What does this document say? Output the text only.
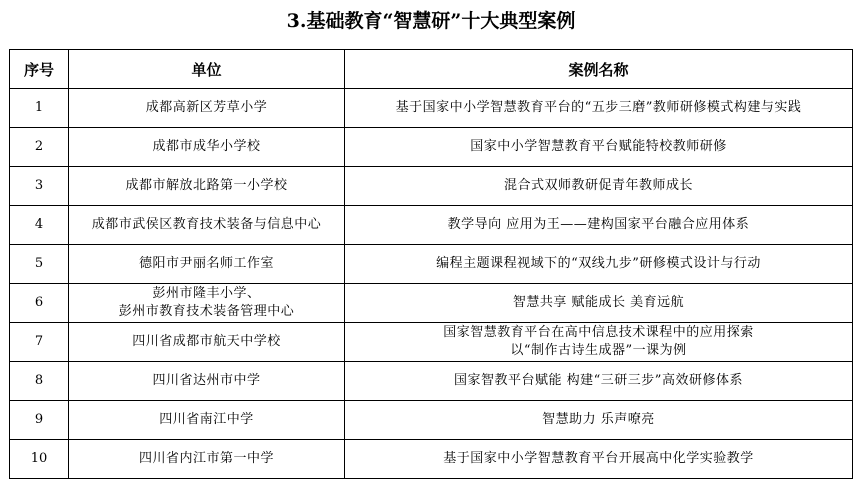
3.基础教育“智慧研”十大典型案例
序号	单位	案例名称
1	成都高新区芳草小学	基于国家中小学智慧教育平台的“五步三磨”教师研修模式构建与实践

2	成都市成华小学校	国家中小学智慧教育平台赋能特校教师研修

3	成都市解放北路第一小学校	混合式双师教研促青年教师成长

4	成都市武侯区教育技术装备与信息中心	教学导向 应用为王——建构国家平台融合应用体系

5	德阳市尹丽名师工作室	编程主题课程视域下的“双线九步”研修模式设计与行动

6	彭州市隆丰小学、
彭州市教育技术装备管理中心	智慧共享 赋能成长 美育远航

7	四川省成都市航天中学校	国家智慧教育平台在高中信息技术课程中的应用探索
以“制作古诗生成器”一课为例

8	四川省达州市中学	国家智教平台赋能 构建“三研三步”高效研修体系

9	四川省南江中学	智慧助力 乐声嘹亮

10	四川省内江市第一中学	基于国家中小学智慧教育平台开展高中化学实验教学
